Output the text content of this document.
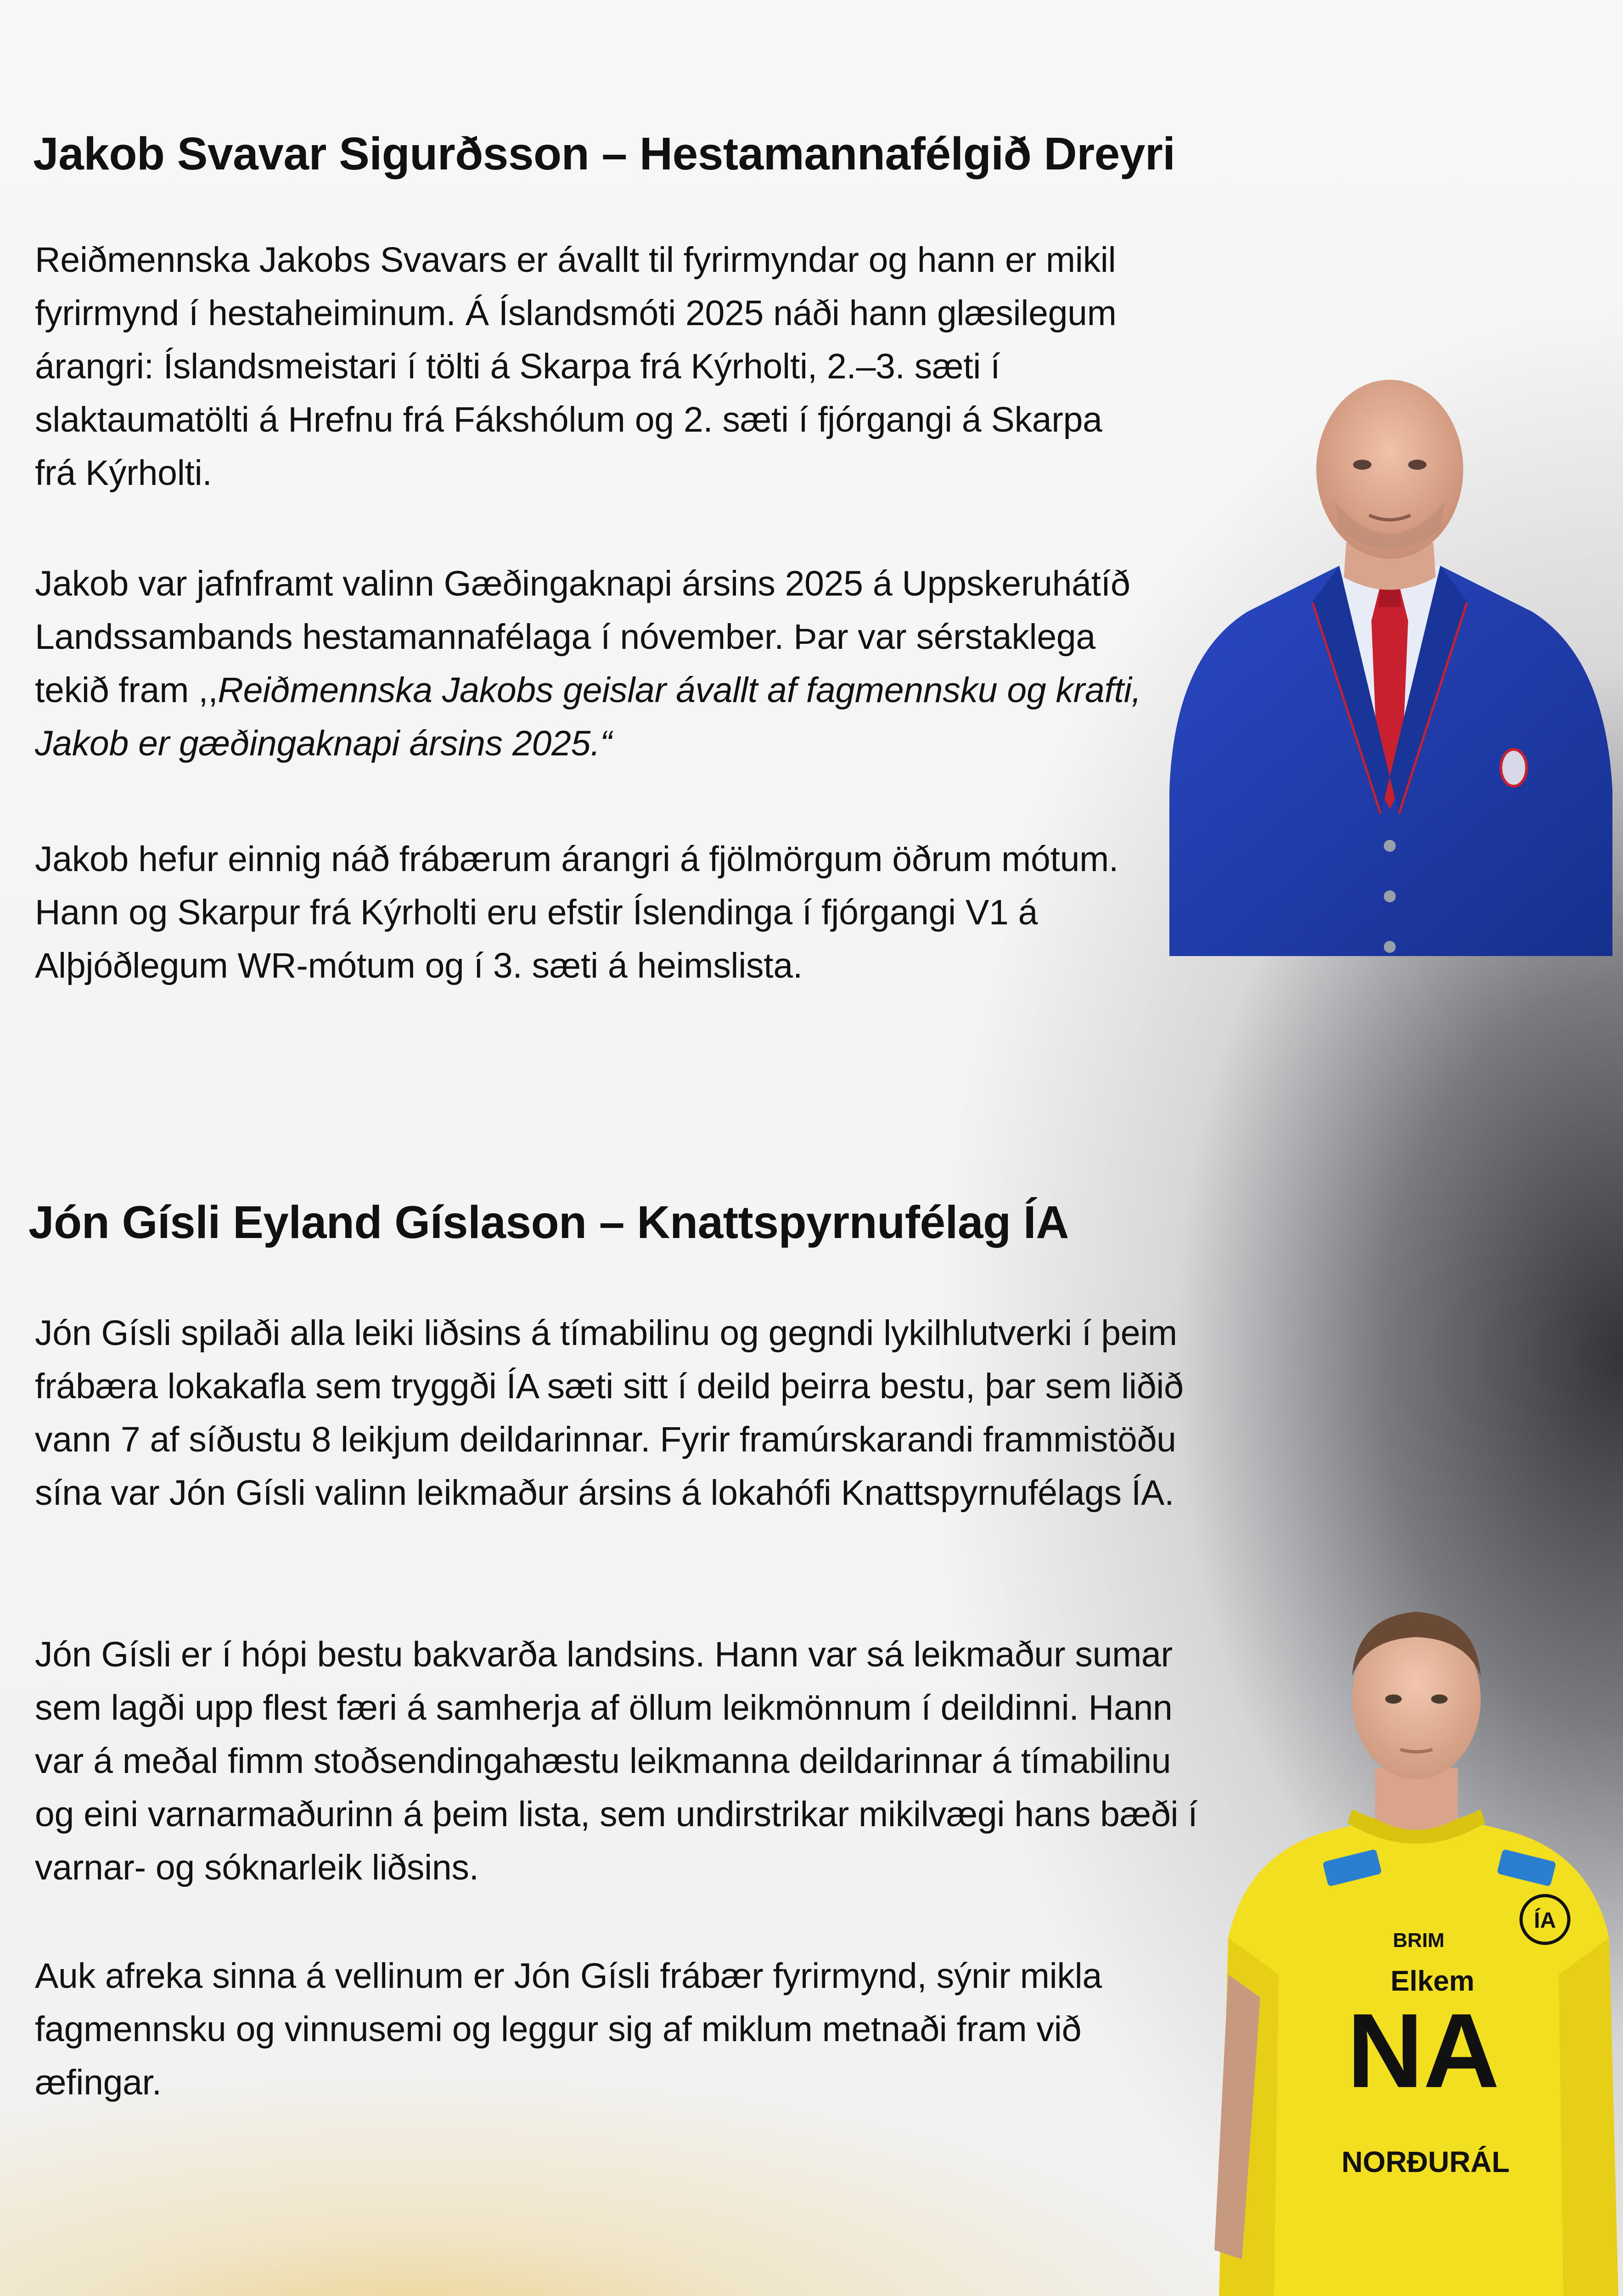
Jakob Svavar Sigurðsson – Hestamannafélgið Dreyri

Reiðmennska Jakobs Svavars er ávallt til fyrirmyndar og hann er mikil fyrirmynd í hestaheiminum. Á Íslandsmóti 2025 náði hann glæsilegum árangri: Íslandsmeistari í tölti á Skarpa frá Kýrholti, 2.–3. sæti í slaktaumatölti á Hrefnu frá Fákshólum og 2. sæti í fjórgangi á Skarpa frá Kýrholti.

Jakob var jafnframt valinn Gæðingaknapi ársins 2025 á Uppskeruhátíð Landssambands hestamannafélaga í nóvember. Þar var sérstaklega tekið fram ,,Reiðmennska Jakobs geislar ávallt af fagmennsku og krafti, Jakob er gæðingaknapi ársins 2025.“

Jakob hefur einnig náð frábærum árangri á fjölmörgum öðrum mótum. Hann og Skarpur frá Kýrholti eru efstir Íslendinga í fjórgangi V1 á Alþjóðlegum WR-mótum og í 3. sæti á heimslista.

Jón Gísli Eyland Gíslason – Knattspyrnufélag ÍA

Jón Gísli spilaði alla leiki liðsins á tímabilinu og gegndi lykilhlutverki í þeim frábæra lokakafla sem tryggði ÍA sæti sitt í deild þeirra bestu, þar sem liðið vann 7 af síðustu 8 leikjum deildarinnar. Fyrir framúrskarandi frammistöðu sína var Jón Gísli valinn leikmaður ársins á lokahófi Knattspyrnufélags ÍA.

Jón Gísli er í hópi bestu bakvarða landsins. Hann var sá leikmaður sumar sem lagði upp flest færi á samherja af öllum leikmönnum í deildinni. Hann var á meðal fimm stoðsendingahæstu leikmanna deildarinnar á tímabilinu og eini varnarmaðurinn á þeim lista, sem undirstrikar mikilvægi hans bæði í varnar- og sóknarleik liðsins.

Auk afreka sinna á vellinum er Jón Gísli frábær fyrirmynd, sýnir mikla fagmennsku og vinnusemi og leggur sig af miklum metnaði fram við æfingar.

BRIM
Elkem
NA
NORÐURÁL
ÍA
